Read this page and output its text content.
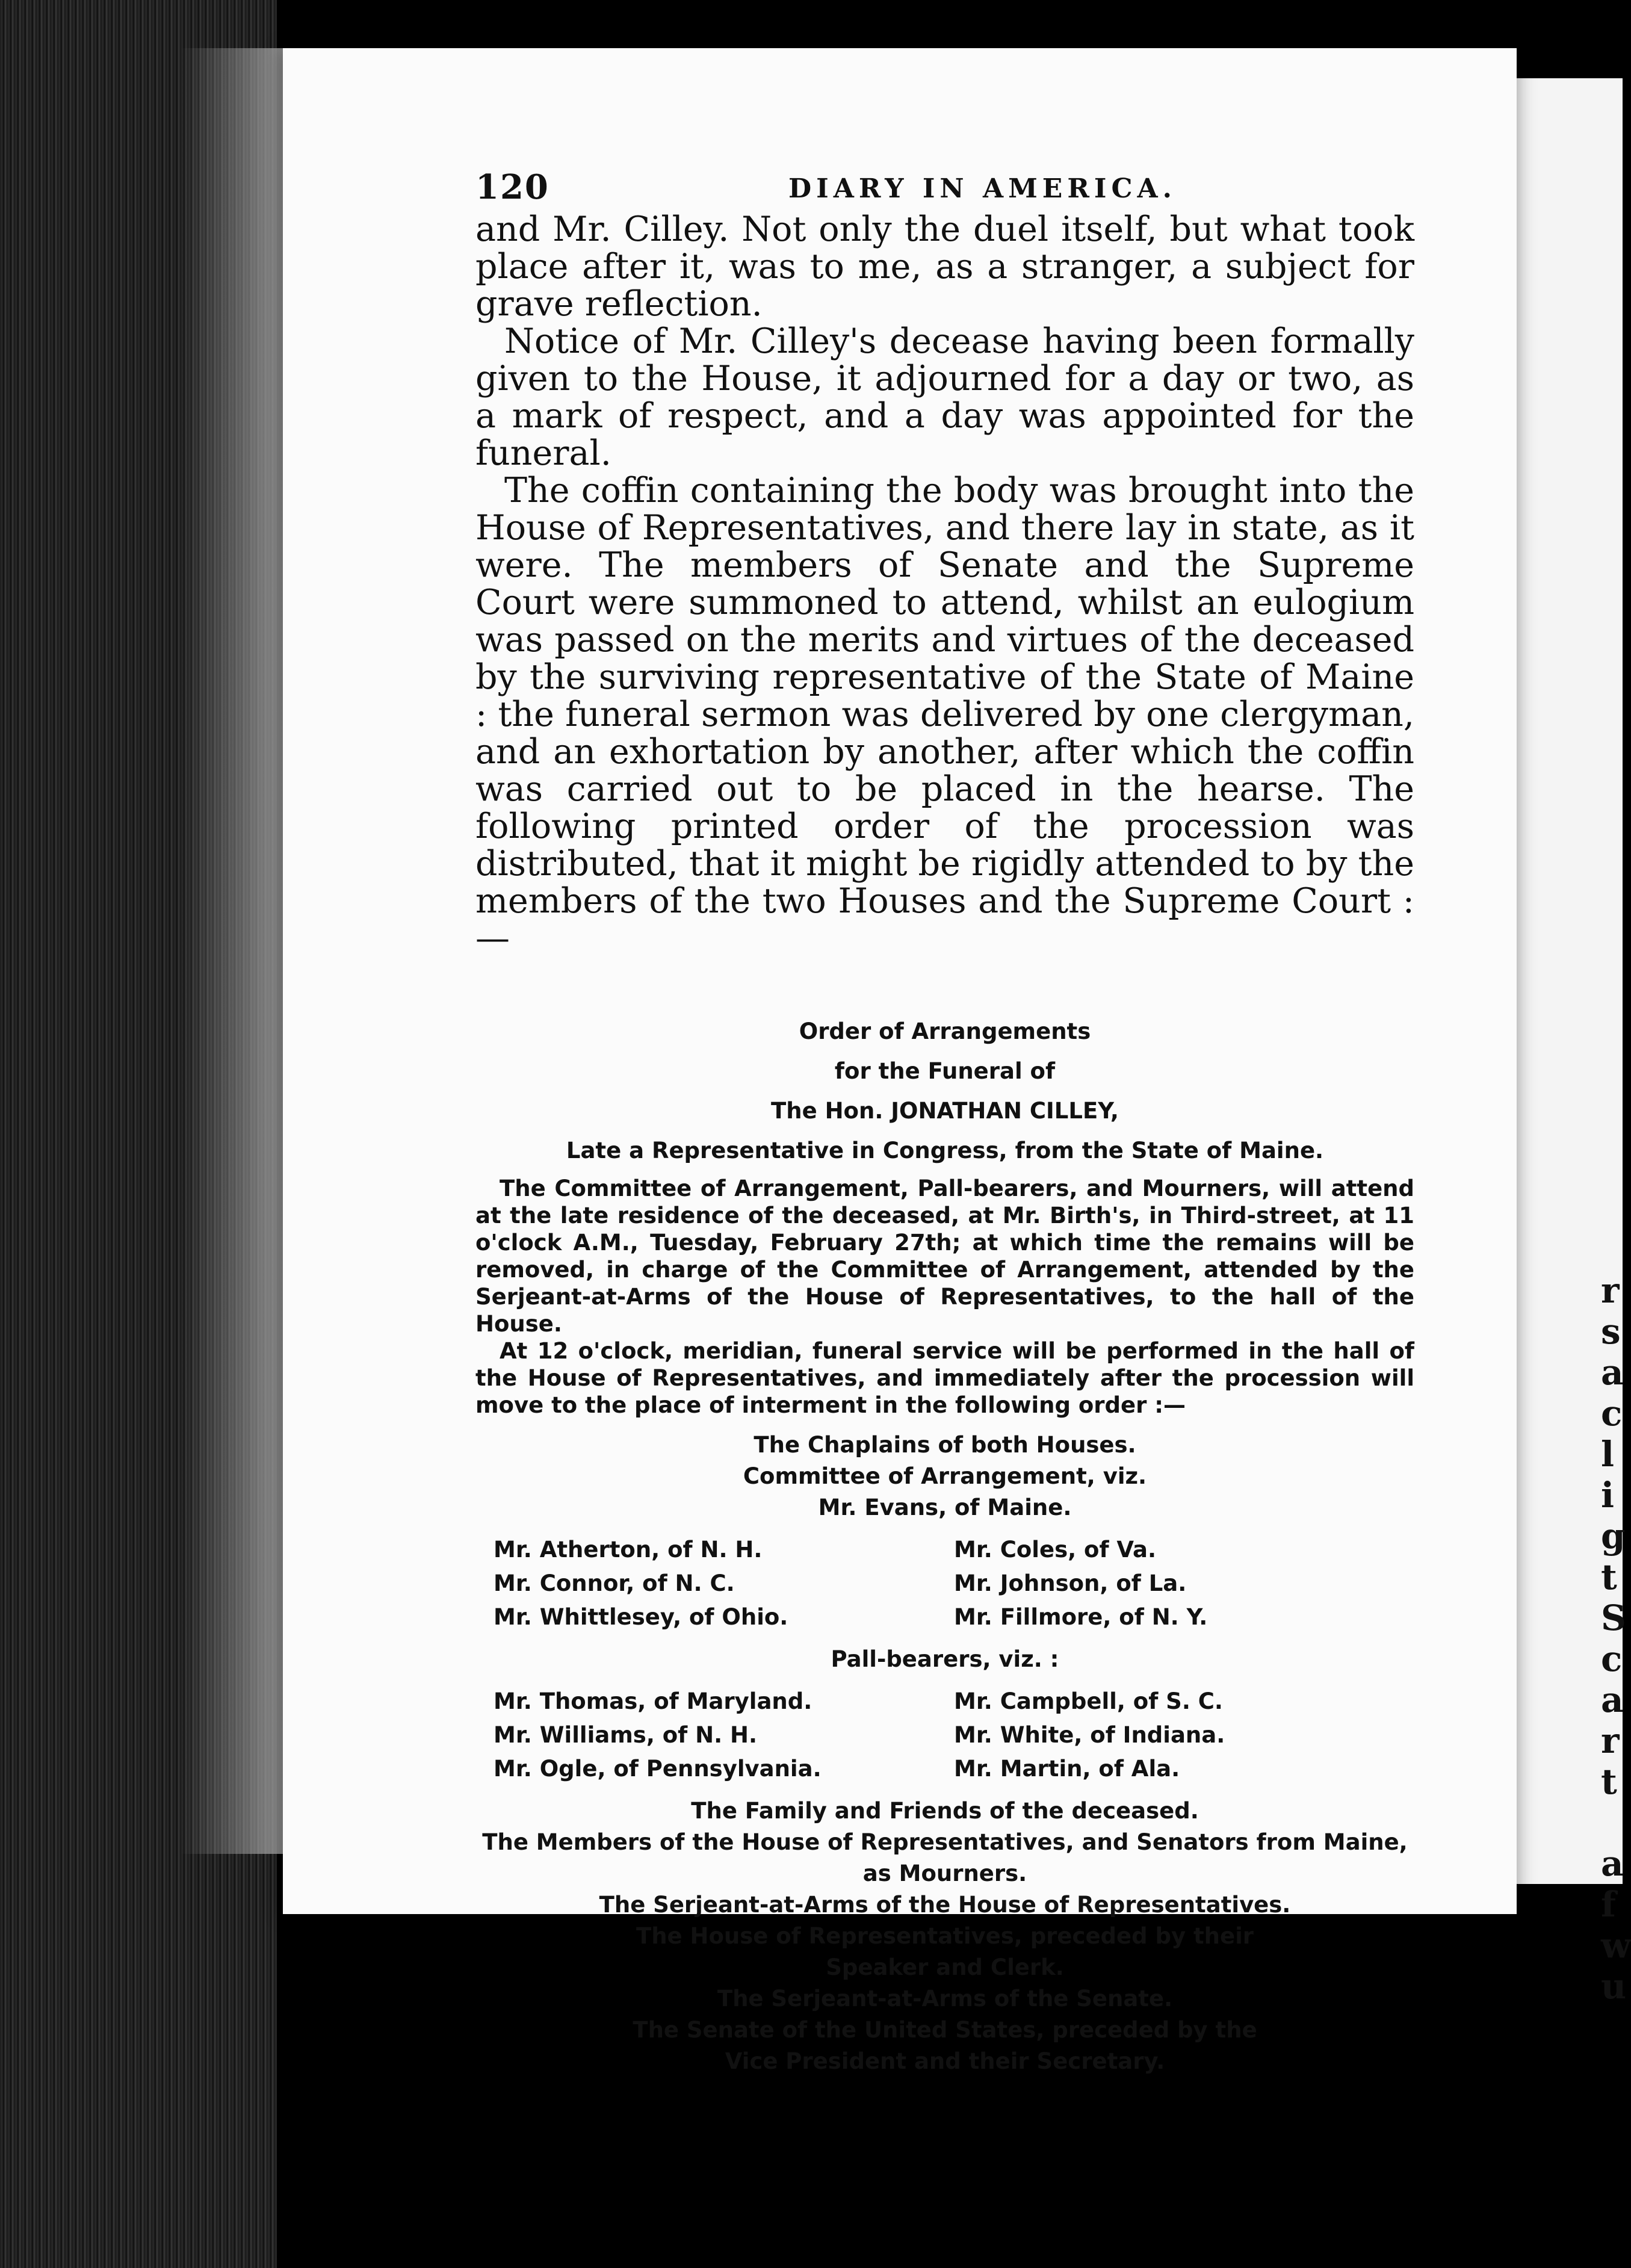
r
s
a
c
l
i
g
t
S
c
a
r
t
a
f
w
u
120	DIARY IN AMERICA.

and Mr. Cilley. Not only the duel itself, but what took place after it, was to me, as a stranger, a subject for grave reflection.

Notice of Mr. Cilley's decease having been formally given to the House, it adjourned for a day or two, as a mark of respect, and a day was appointed for the funeral.

The coffin containing the body was brought into the House of Representatives, and there lay in state, as it were. The members of Senate and the Supreme Court were summoned to attend, whilst an eulogium was passed on the merits and virtues of the deceased by the surviving representative of the State of Maine : the funeral sermon was delivered by one clergyman, and an exhortation by another, after which the coffin was carried out to be placed in the hearse. The following printed order of the procession was distributed, that it might be rigidly attended to by the members of the two Houses and the Supreme Court :—

Order of Arrangements
for the Funeral of
The Hon. JONATHAN CILLEY,
Late a Representative in Congress, from the State of Maine.

The Committee of Arrangement, Pall-bearers, and Mourners, will attend at the late residence of the deceased, at Mr. Birth's, in Third-street, at 11 o'clock A.M., Tuesday, February 27th; at which time the remains will be removed, in charge of the Committee of Arrangement, attended by the Serjeant-at-Arms of the House of Representatives, to the hall of the House.

At 12 o'clock, meridian, funeral service will be performed in the hall of the House of Representatives, and immediately after the procession will move to the place of interment in the following order :—

The Chaplains of both Houses.
Committee of Arrangement, viz.
Mr. Evans, of Maine.
Mr. Atherton, of N. H.
Mr. Connor, of N. C.
Mr. Whittlesey, of Ohio.
Mr. Coles, of Va.
Mr. Johnson, of La.
Mr. Fillmore, of N. Y.
Pall-bearers, viz. :
Mr. Thomas, of Maryland.
Mr. Williams, of N. H.
Mr. Ogle, of Pennsylvania.
Mr. Campbell, of S. C.
Mr. White, of Indiana.
Mr. Martin, of Ala.
The Family and Friends of the deceased.
The Members of the House of Representatives, and Senators from Maine,
as Mourners.
The Serjeant-at-Arms of the House of Representatives.
The House of Representatives, preceded by their
Speaker and Clerk.
The Serjeant-at-Arms of the Senate.
The Senate of the United States, preceded by the
Vice President and their Secretary.
